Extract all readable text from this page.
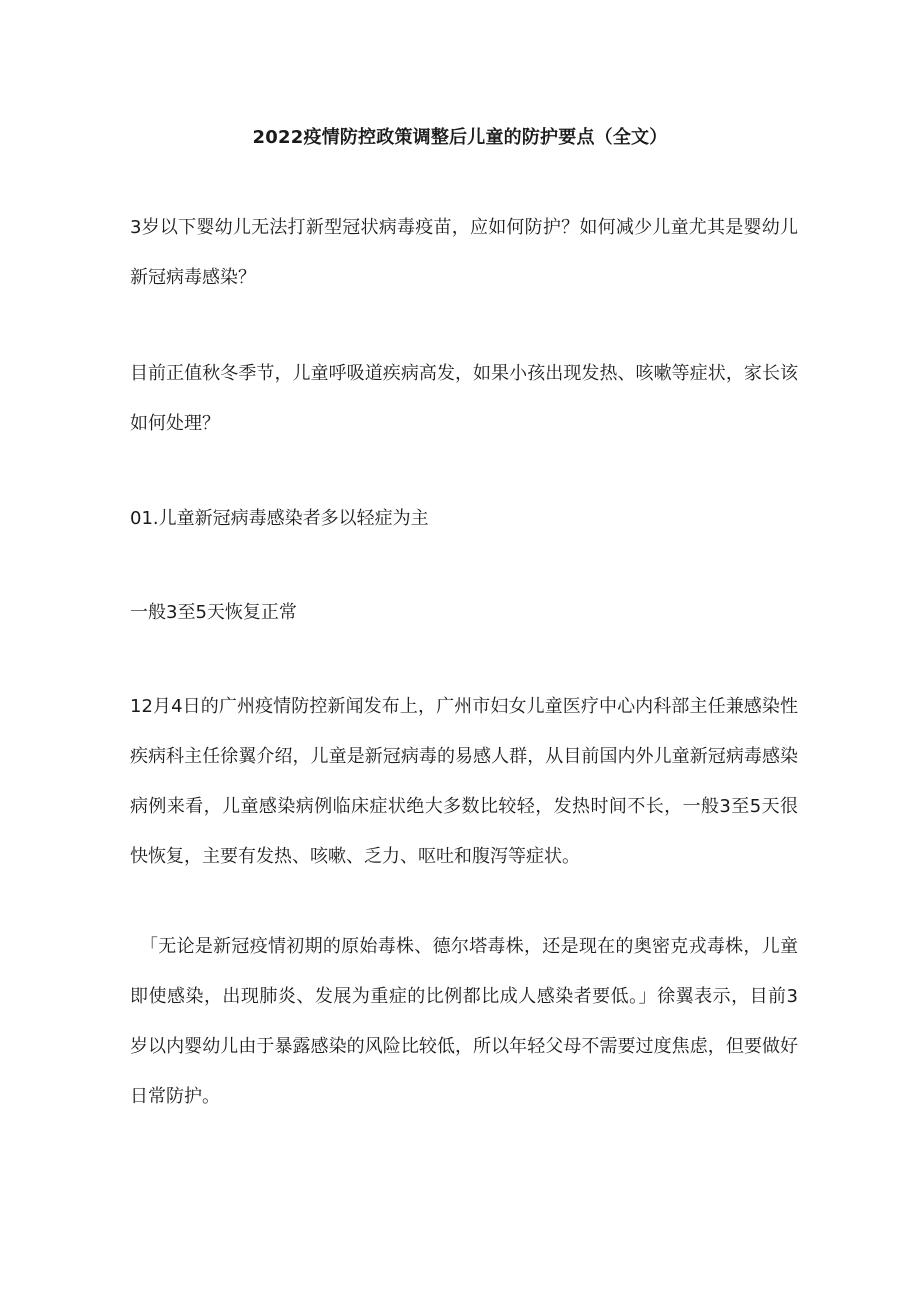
2022疫情防控政策调整后儿童的防护要点（全文）
3岁以下婴幼儿无法打新型冠状病毒疫苗，应如何防护？如何减少儿童尤其是婴幼儿新冠病毒感染？
目前正值秋冬季节，儿童呼吸道疾病高发，如果小孩出现发热、咳嗽等症状，家长该如何处理？
01.儿童新冠病毒感染者多以轻症为主
一般3至5天恢复正常
12月4日的广州疫情防控新闻发布上，广州市妇女儿童医疗中心内科部主任兼感染性疾病科主任徐翼介绍，儿童是新冠病毒的易感人群，从目前国内外儿童新冠病毒感染病例来看，儿童感染病例临床症状绝大多数比较轻，发热时间不长，一般3至5天很快恢复，主要有发热、咳嗽、乏力、呕吐和腹泻等症状。
「无论是新冠疫情初期的原始毒株、德尔塔毒株，还是现在的奥密克戎毒株，儿童即使感染，出现肺炎、发展为重症的比例都比成人感染者要低。」徐翼表示，目前3岁以内婴幼儿由于暴露感染的风险比较低，所以年轻父母不需要过度焦虑，但要做好日常防护。
